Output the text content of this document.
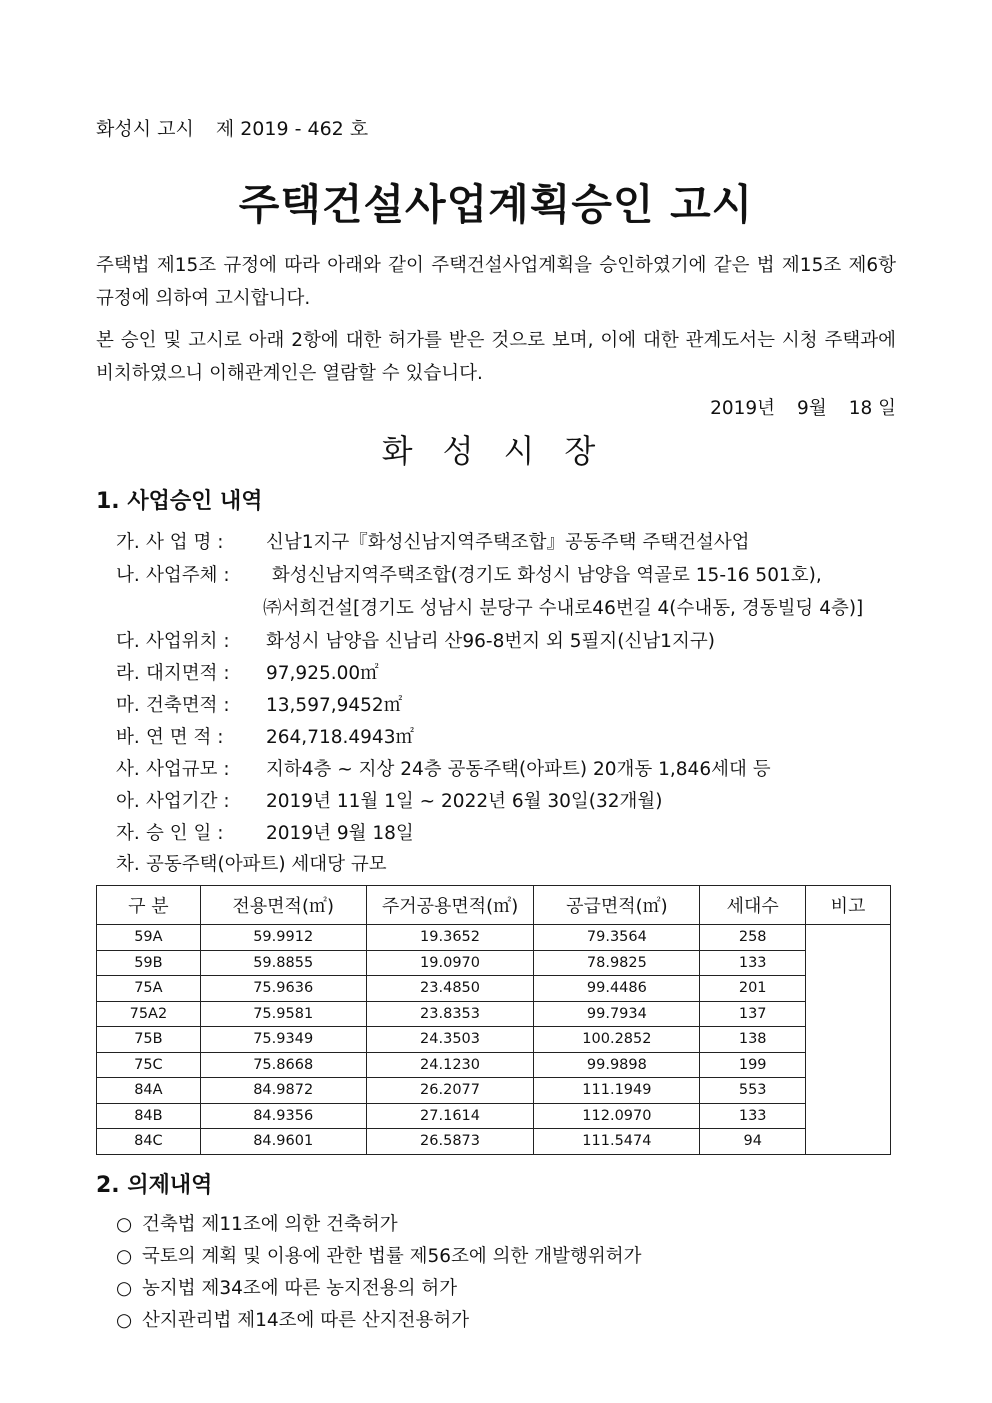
화성시 고시 제 2019 - 462 호
주택건설사업계획승인 고시
주택법 제15조 규정에 따라 아래와 같이 주택건설사업계획을 승인하였기에 같은 법 제15조 제6항 규정에 의하여 고시합니다.
본 승인 및 고시로 아래 2항에 대한 허가를 받은 것으로 보며, 이에 대한 관계도서는 시청 주택과에 비치하였으니 이해관계인은 열람할 수 있습니다.
2019년 9월 18 일
화성시장
1. 사업승인 내역
가. 사 업 명 : 신남1지구『화성신남지역주택조합』공동주택 주택건설사업
나. 사업주체 : 화성신남지역주택조합(경기도 화성시 남양읍 역골로 15-16 501호),
㈜서희건설[경기도 성남시 분당구 수내로46번길 4(수내동, 경동빌딩 4층)]
다. 사업위치 : 화성시 남양읍 신남리 산96-8번지 외 5필지(신남1지구)
라. 대지면적 : 97,925.00㎡
마. 건축면적 : 13,597,9452㎡
바. 연 면 적 : 264,718.4943㎡
사. 사업규모 : 지하4층 ~ 지상 24층 공동주택(아파트) 20개동 1,846세대 등
아. 사업기간 : 2019년 11월 1일 ~ 2022년 6월 30일(32개월)
자. 승 인 일 : 2019년 9월 18일
차. 공동주택(아파트) 세대당 규모
구 분	전용면적(㎡)	주거공용면적(㎡)	공급면적(㎡)	세대수	비고
59A	59.9912	19.3652	79.3564	258	
59B	59.8855	19.0970	78.9825	133	
75A	75.9636	23.4850	99.4486	201	
75A2	75.9581	23.8353	99.7934	137	
75B	75.9349	24.3503	100.2852	138	
75C	75.8668	24.1230	99.9898	199	
84A	84.9872	26.2077	111.1949	553	
84B	84.9356	27.1614	112.0970	133	
84C	84.9601	26.5873	111.5474	94	
2. 의제내역
○ 건축법 제11조에 의한 건축허가
○ 국토의 계획 및 이용에 관한 법률 제56조에 의한 개발행위허가
○ 농지법 제34조에 따른 농지전용의 허가
○ 산지관리법 제14조에 따른 산지전용허가
